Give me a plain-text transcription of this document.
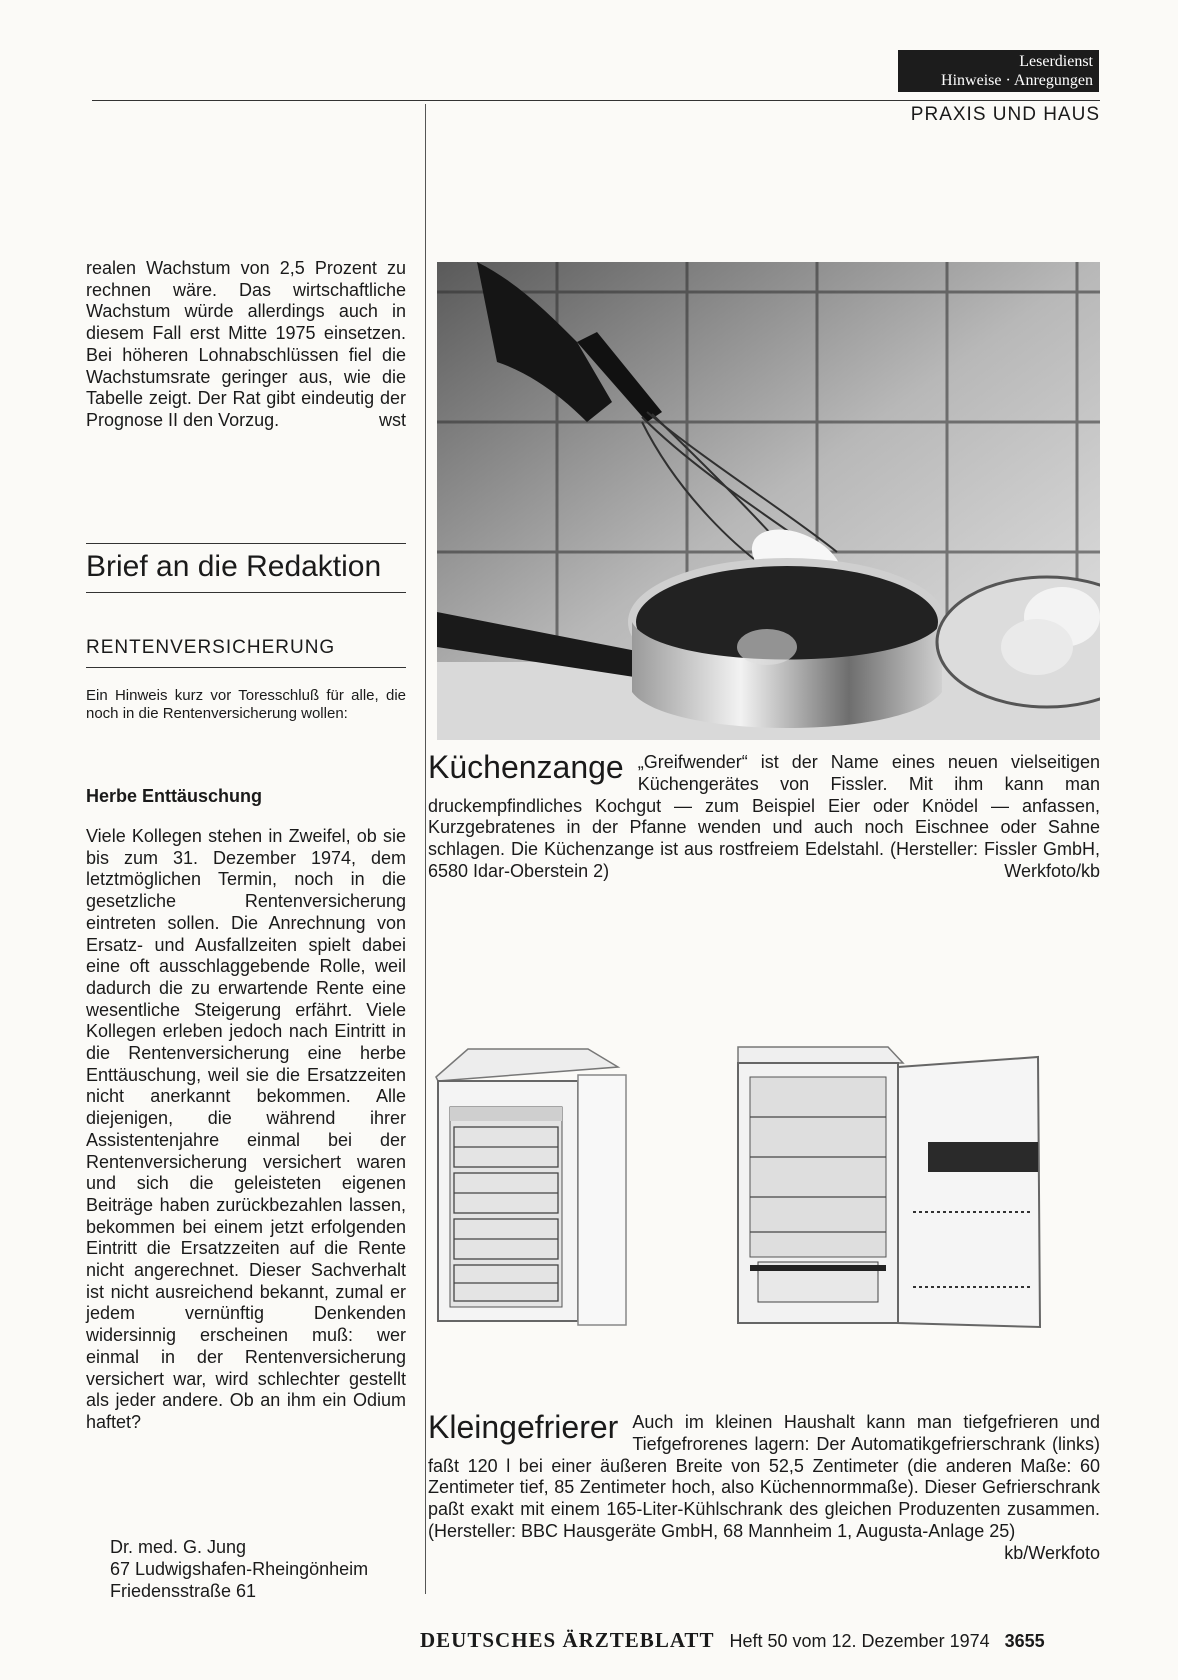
Leserdienst
Hinweise · Anregungen
PRAXIS UND HAUS

realen Wachstum von 2,5 Prozent zu rechnen wäre. Das wirtschaftliche Wachstum würde allerdings auch in diesem Fall erst Mitte 1975 einsetzen. Bei höheren Lohnabschlüssen fiel die Wachstumsrate geringer aus, wie die Tabelle zeigt. Der Rat gibt eindeutig der Prognose II den Vorzug.	wst

Brief an die Redaktion
RENTENVERSICHERUNG

Ein Hinweis kurz vor Toresschluß für alle, die noch in die Rentenversicherung wollen:

Herbe Enttäuschung

Viele Kollegen stehen in Zweifel, ob sie bis zum 31. Dezember 1974, dem letztmöglichen Termin, noch in die gesetzliche Rentenversicherung eintreten sollen. Die Anrechnung von Ersatz- und Ausfallzeiten spielt dabei eine oft ausschlaggebende Rolle, weil dadurch die zu erwartende Rente eine wesentliche Steigerung erfährt. Viele Kollegen erleben jedoch nach Eintritt in die Rentenversicherung eine herbe Enttäuschung, weil sie die Ersatzzeiten nicht anerkannt bekommen. Alle diejenigen, die während ihrer Assistentenjahre einmal bei der Rentenversicherung versichert waren und sich die geleisteten eigenen Beiträge haben zurückbezahlen lassen, bekommen bei einem jetzt erfolgenden Eintritt die Ersatzzeiten auf die Rente nicht angerechnet. Dieser Sachverhalt ist nicht ausreichend bekannt, zumal er jedem vernünftig Denkenden widersinnig erscheinen muß: wer einmal in der Rentenversicherung versichert war, wird schlechter gestellt als jeder andere. Ob an ihm ein Odium haftet?

Dr. med. G. Jung
67 Ludwigshafen-Rheingönheim
Friedensstraße 61

Küchenzange „Greifwender“ ist der Name eines neuen vielseitigen Küchengerätes von Fissler. Mit ihm kann man druckempfindliches Kochgut — zum Beispiel Eier oder Knödel — anfassen, Kurzgebratenes in der Pfanne wenden und auch noch Eischnee oder Sahne schlagen. Die Küchenzange ist aus rostfreiem Edelstahl. (Hersteller: Fissler GmbH, 6580 Idar-Oberstein 2)	Werkfoto/kb

Kleingefrierer Auch im kleinen Haushalt kann man tiefgefrieren und Tiefgefrorenes lagern: Der Automatikgefrierschrank (links) faßt 120 l bei einer äußeren Breite von 52,5 Zentimeter (die anderen Maße: 60 Zentimeter tief, 85 Zentimeter hoch, also Küchennormmaße). Dieser Gefrierschrank paßt exakt mit einem 165-Liter-Kühlschrank des gleichen Produzenten zusammen. (Hersteller: BBC Hausgeräte GmbH, 68 Mannheim 1, Augusta-Anlage 25)
kb/Werkfoto

DEUTSCHES ÄRZTEBLATT Heft 50 vom 12. Dezember 1974 3655
